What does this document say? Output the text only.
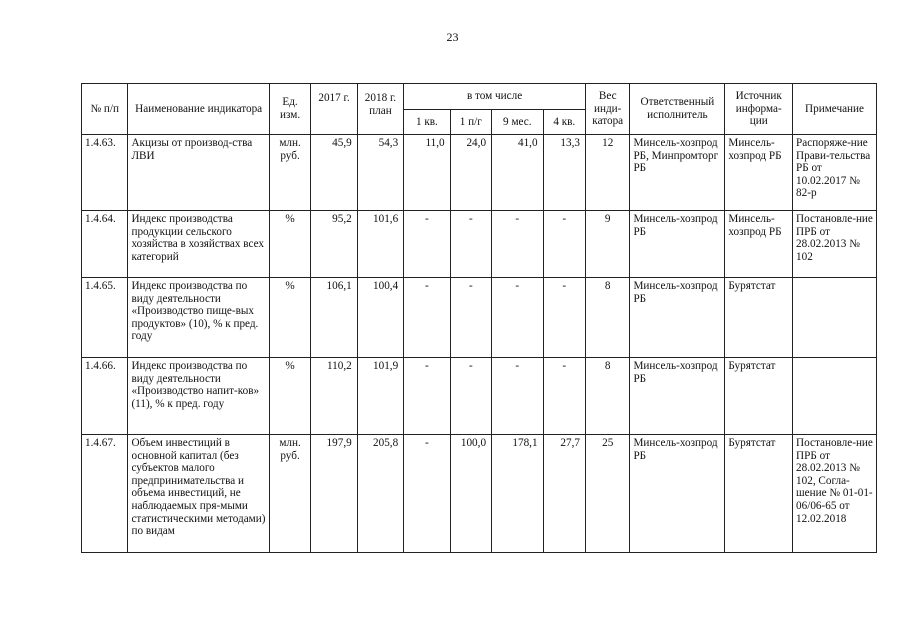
23
№ п/п	Наименование индикатора	Ед. изм.	2017 г.	2018 г. план	в том числе				Вес инди-катора	Ответственный исполнитель	Источник информа-ции	Примечание
					1 кв.	1 п/г	9 мес.	4 кв.				
1.4.63.	Акцизы от производ-ства ЛВИ	млн. руб.	45,9	54,3	11,0	24,0	41,0	13,3	12	Минсель-хозпрод РБ, Минпромторг РБ	Минсель-хозпрод РБ	Распоряже-ние Прави-тельства РБ от 10.02.2017 № 82-р
1.4.64.	Индекс производства продукции сельского хозяйства в хозяйствах всех категорий	%	95,2	101,6	-	-	-	-	9	Минсель-хозпрод РБ	Минсель-хозпрод РБ	Постановле-ние ПРБ от 28.02.2013 № 102
1.4.65.	Индекс производства по виду деятельности «Производство пище-вых продуктов» (10), % к пред. году	%	106,1	100,4	-	-	-	-	8	Минсель-хозпрод РБ	Бурятстат	
1.4.66.	Индекс производства по виду деятельности «Производство напит-ков» (11), % к пред. году	%	110,2	101,9	-	-	-	-	8	Минсель-хозпрод РБ	Бурятстат	
1.4.67.	Объем инвестиций в основной капитал (без субъектов малого предпринимательства и объема инвестиций, не наблюдаемых пря-мыми статистическими методами) по видам	млн. руб.	197,9	205,8	-	100,0	178,1	27,7	25	Минсель-хозпрод РБ	Бурятстат	Постановле-ние ПРБ от 28.02.2013 № 102, Согла-шение № 01-01-06/06-65 от 12.02.2018
